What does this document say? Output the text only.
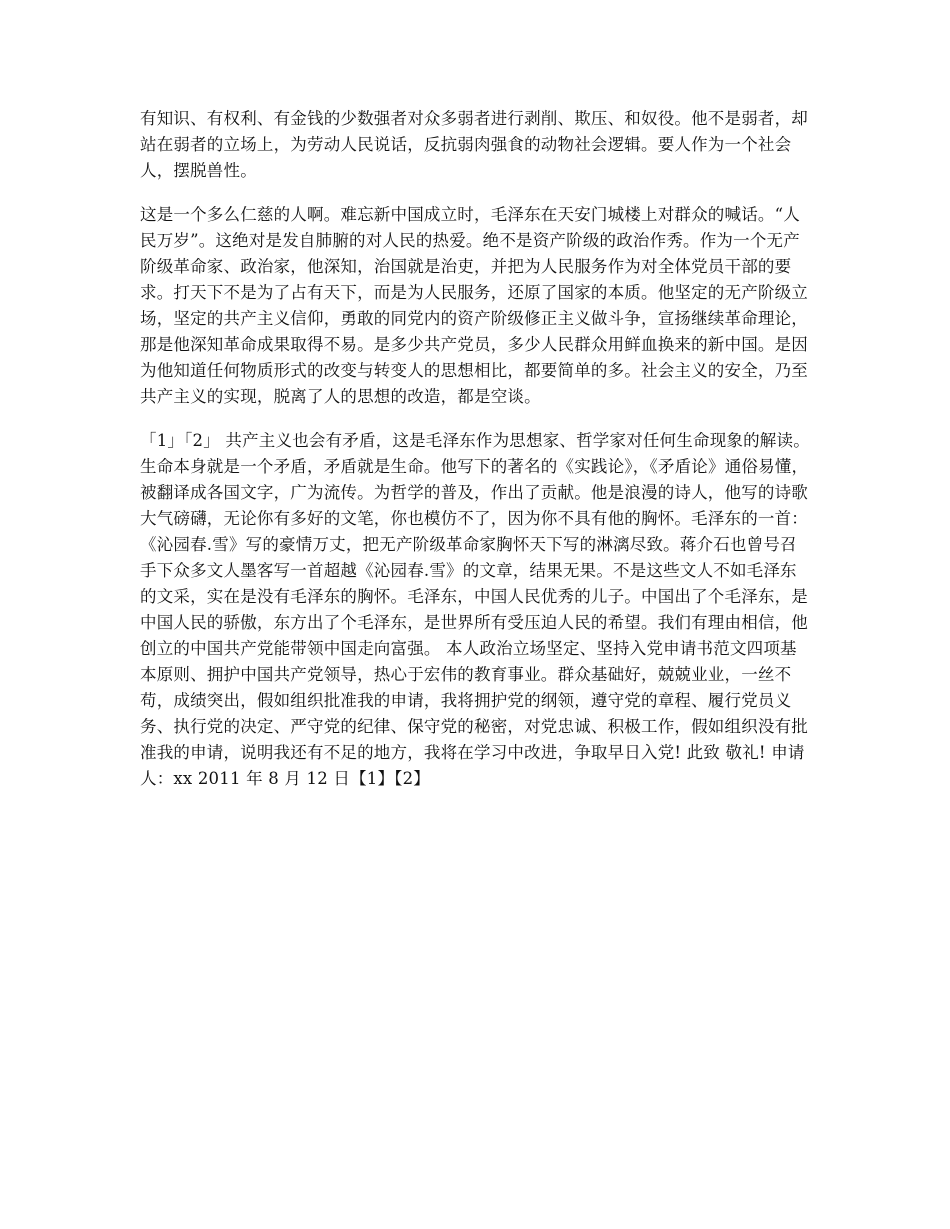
有知识、有权利、有金钱的少数强者对众多弱者进行剥削、欺压、和奴役。他不是弱者，却站在弱者的立场上，为劳动人民说话，反抗弱肉强食的动物社会逻辑。要人作为一个社会人，摆脱兽性。

这是一个多么仁慈的人啊。难忘新中国成立时，毛泽东在天安门城楼上对群众的喊话。“人民万岁”。这绝对是发自肺腑的对人民的热爱。绝不是资产阶级的政治作秀。作为一个无产阶级革命家、政治家，他深知，治国就是治吏，并把为人民服务作为对全体党员干部的要求。打天下不是为了占有天下，而是为人民服务，还原了国家的本质。他坚定的无产阶级立场，坚定的共产主义信仰，勇敢的同党内的资产阶级修正主义做斗争，宣扬继续革命理论，那是他深知革命成果取得不易。是多少共产党员，多少人民群众用鲜血换来的新中国。是因为他知道任何物质形式的改变与转变人的思想相比，都要简单的多。社会主义的安全，乃至共产主义的实现，脱离了人的思想的改造，都是空谈。

「1」「2」 共产主义也会有矛盾，这是毛泽东作为思想家、哲学家对任何生命现象的解读。生命本身就是一个矛盾，矛盾就是生命。他写下的著名的《实践论》，《矛盾论》通俗易懂，被翻译成各国文字，广为流传。为哲学的普及，作出了贡献。他是浪漫的诗人，他写的诗歌大气磅礴，无论你有多好的文笔，你也模仿不了，因为你不具有他的胸怀。毛泽东的一首：《沁园春.雪》写的豪情万丈，把无产阶级革命家胸怀天下写的淋漓尽致。蒋介石也曾号召手下众多文人墨客写一首超越《沁园春.雪》的文章，结果无果。不是这些文人不如毛泽东的文采，实在是没有毛泽东的胸怀。毛泽东，中国人民优秀的儿子。中国出了个毛泽东，是中国人民的骄傲，东方出了个毛泽东，是世界所有受压迫人民的希望。我们有理由相信，他创立的中国共产党能带领中国走向富强。 本人政治立场坚定、坚持入党申请书范文四项基本原则、拥护中国共产党领导，热心于宏伟的教育事业。群众基础好，兢兢业业，一丝不苟，成绩突出，假如组织批准我的申请，我将拥护党的纲领，遵守党的章程、履行党员义务、执行党的决定、严守党的纪律、保守党的秘密，对党忠诚、积极工作，假如组织没有批准我的申请，说明我还有不足的地方，我将在学习中改进，争取早日入党! 此致 敬礼! 申请人：xx 2011 年 8 月 12 日【1】【2】
